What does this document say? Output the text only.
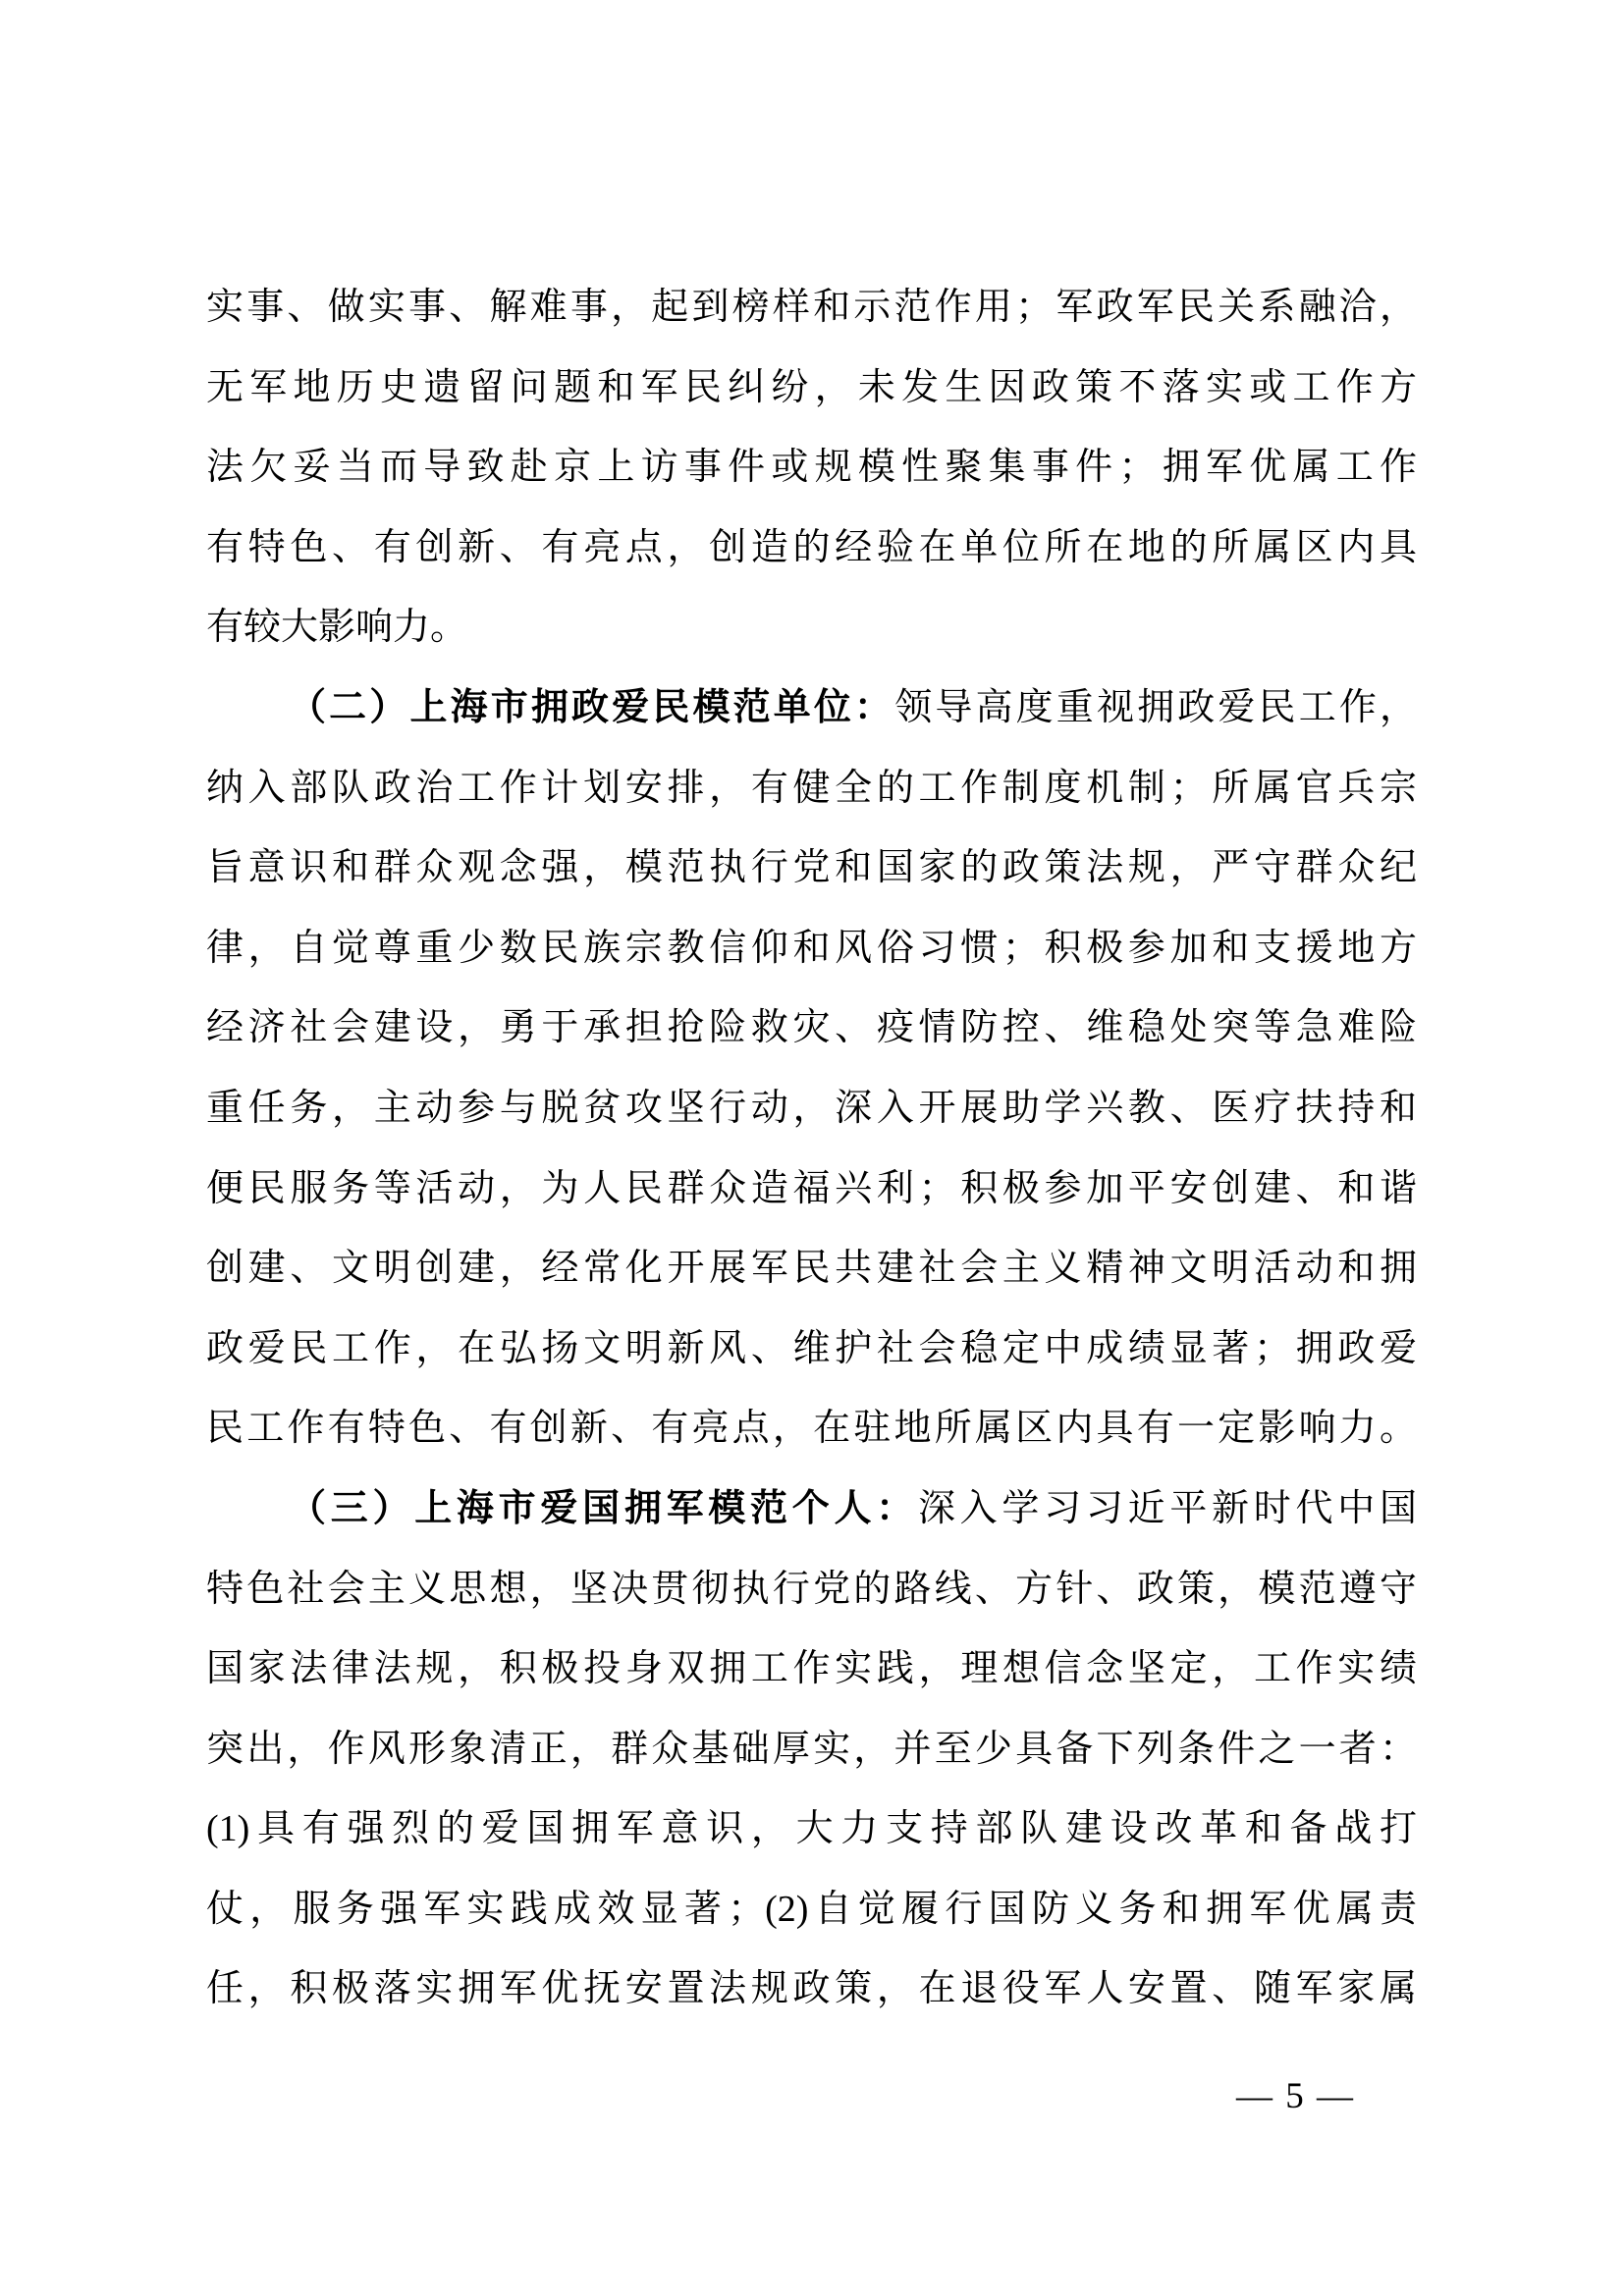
实事、做实事、解难事，起到榜样和示范作用；军政军民关系融洽，
无军地历史遗留问题和军民纠纷，未发生因政策不落实或工作方
法欠妥当而导致赴京上访事件或规模性聚集事件；拥军优属工作
有特色、有创新、有亮点，创造的经验在单位所在地的所属区内具
有较大影响力。
（二）上海市拥政爱民模范单位：领导高度重视拥政爱民工作，
纳入部队政治工作计划安排，有健全的工作制度机制；所属官兵宗
旨意识和群众观念强，模范执行党和国家的政策法规，严守群众纪
律，自觉尊重少数民族宗教信仰和风俗习惯；积极参加和支援地方
经济社会建设，勇于承担抢险救灾、疫情防控、维稳处突等急难险
重任务，主动参与脱贫攻坚行动，深入开展助学兴教、医疗扶持和
便民服务等活动，为人民群众造福兴利；积极参加平安创建、和谐
创建、文明创建，经常化开展军民共建社会主义精神文明活动和拥
政爱民工作，在弘扬文明新风、维护社会稳定中成绩显著；拥政爱
民工作有特色、有创新、有亮点，在驻地所属区内具有一定影响力。
（三）上海市爱国拥军模范个人：深入学习习近平新时代中国
特色社会主义思想，坚决贯彻执行党的路线、方针、政策，模范遵守
国家法律法规，积极投身双拥工作实践，理想信念坚定，工作实绩
突出，作风形象清正，群众基础厚实，并至少具备下列条件之一者：
(1)具有强烈的爱国拥军意识，大力支持部队建设改革和备战打
仗，服务强军实践成效显著；(2)自觉履行国防义务和拥军优属责
任，积极落实拥军优抚安置法规政策，在退役军人安置、随军家属

— 5 —
